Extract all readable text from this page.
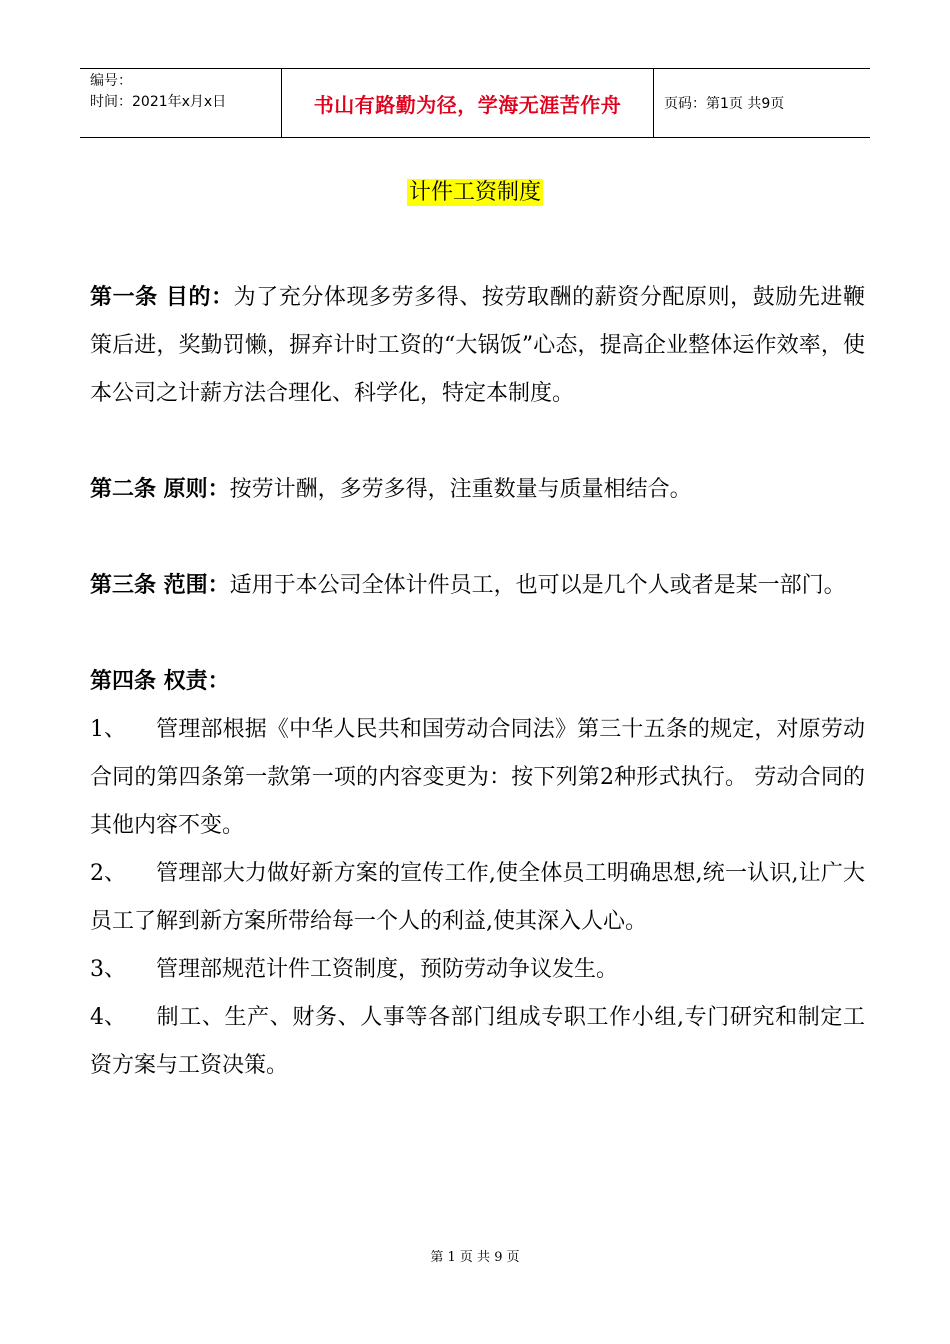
编号：
时间：2021年x月x日	书山有路勤为径，学海无涯苦作舟	页码：第1页 共9页
计件工资制度

第一条 目的：为了充分体现多劳多得、按劳取酬的薪资分配原则，鼓励先进鞭策后进，奖勤罚懒，摒弃计时工资的“大锅饭”心态，提高企业整体运作效率，使本公司之计薪方法合理化、科学化，特定本制度。

第二条 原则：按劳计酬，多劳多得，注重数量与质量相结合。

第三条 范围：适用于本公司全体计件员工，也可以是几个人或者是某一部门。

第四条 权责：

1、 管理部根据《中华人民共和国劳动合同法》第三十五条的规定，对原劳动合同的第四条第一款第一项的内容变更为：按下列第2种形式执行。 劳动合同的其他内容不变。

2、 管理部大力做好新方案的宣传工作,使全体员工明确思想,统一认识,让广大员工了解到新方案所带给每一个人的利益,使其深入人心。

3、 管理部规范计件工资制度，预防劳动争议发生。

4、 制工、生产、财务、人事等各部门组成专职工作小组,专门研究和制定工资方案与工资决策。

第 1 页 共 9 页
